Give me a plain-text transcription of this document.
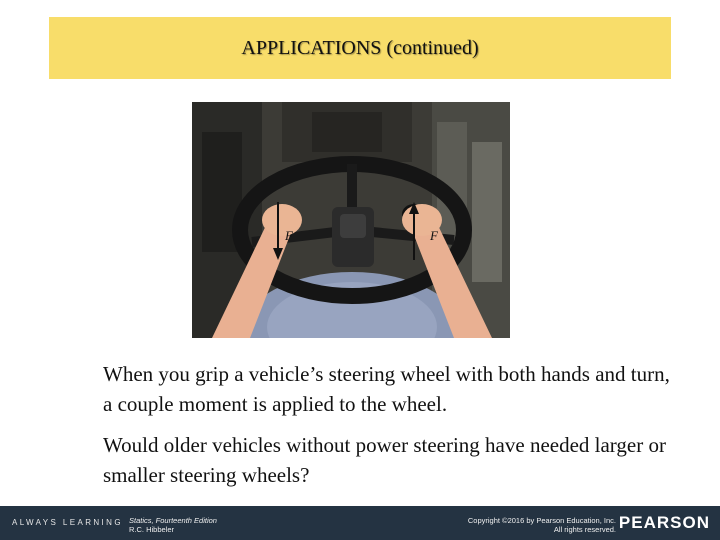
APPLICATIONS (continued)
F	F

When you grip a vehicle’s steering wheel with both hands and turn, a couple moment is applied to the wheel.

Would older vehicles without power steering have needed larger or smaller steering wheels?

ALWAYS LEARNING Statics, Fourteenth Edition
R.C. Hibbeler
Copyright ©2016 by Pearson Education, Inc.
All rights reserved. PEARSON
